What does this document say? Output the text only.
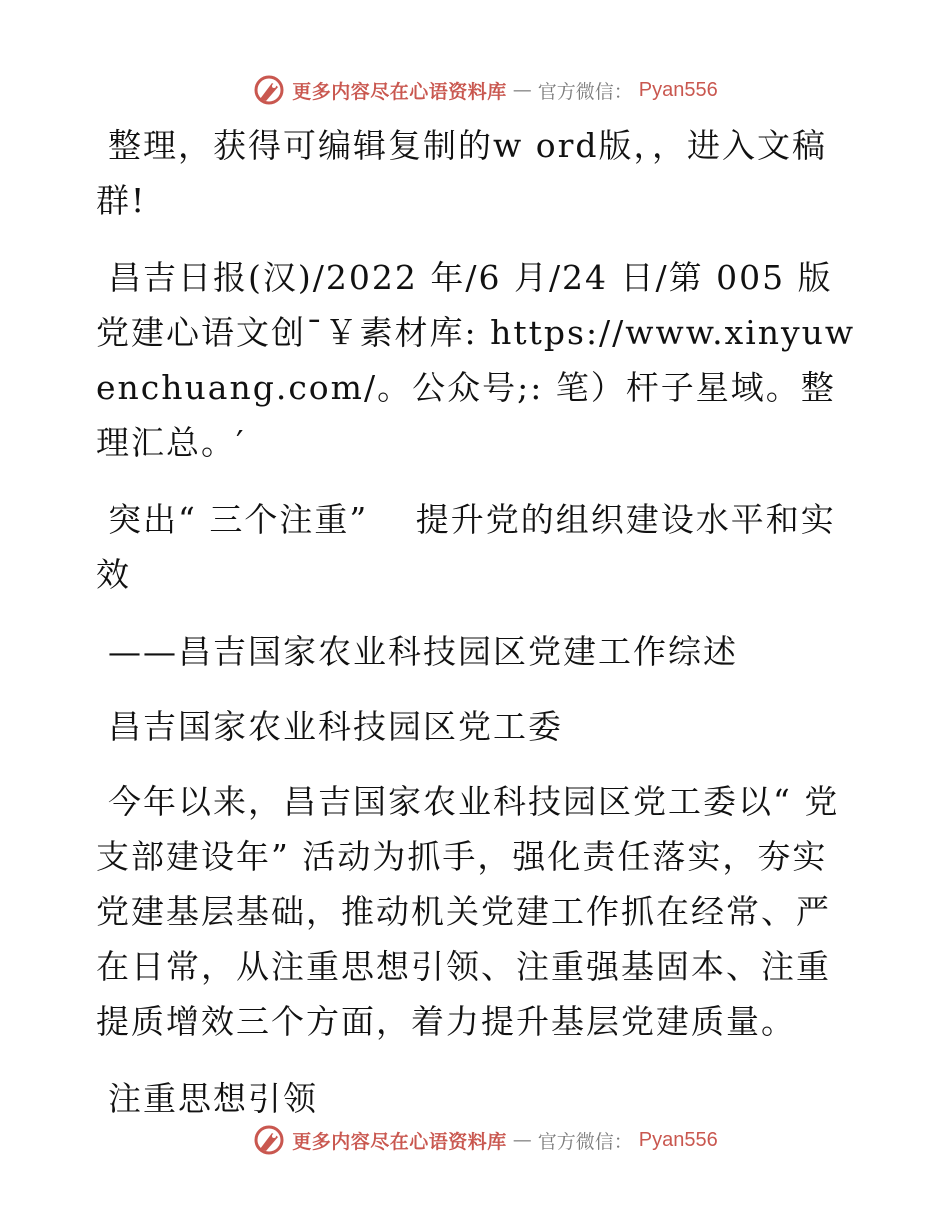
更多内容尽在心语资料库 — 官方微信： Pyan556

整理，获得可编辑复制的w ord版，，进入文稿群!

昌吉日报(汉)/2022 年/6 月/24 日/第 005 版党建心语文创¯￥素材库: https://www.xinyuwenchuang.com/。公众号;: 笔）杆子星域。整理汇总。′

突出“ 三个注重”　 提升党的组织建设水平和实效

——昌吉国家农业科技园区党建工作综述

昌吉国家农业科技园区党工委

今年以来，昌吉国家农业科技园区党工委以“ 党支部建设年” 活动为抓手，强化责任落实，夯实党建基层基础，推动机关党建工作抓在经常、严在日常，从注重思想引领、注重强基固本、注重提质增效三个方面，着力提升基层党建质量。

注重思想引领

更多内容尽在心语资料库 — 官方微信： Pyan556
